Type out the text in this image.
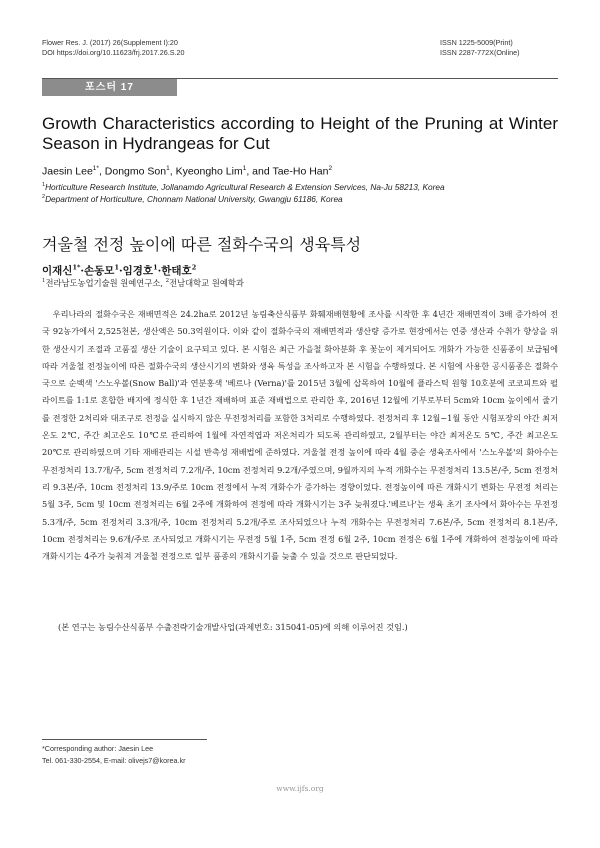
Flower Res. J. (2017) 26(Supplement I):20
DOI https://doi.org/10.11623/frj.2017.26.S.20
ISSN 1225-5009(Print)
ISSN 2287-772X(Online)
포스터 17
Growth Characteristics according to Height of the Pruning at Winter Season in Hydrangeas for Cut
Jaesin Lee$^{1*}$, Dongmo Son$^1$, Kyeongho Lim$^1$, and Tae-Ho Han$^2$
$^1$Horticulture Research Institute, Jollanamdo Agricultural Research & Extension Services, Na-Ju 58213, Korea
$^2$Department of Horticulture, Chonnam National University, Gwangju 61186, Korea
겨울철 전정 높이에 따른 절화수국의 생육특성
이재신$^{1*}$·손동모$^1$·임경호$^1$·한태호$^2$
$^1$전라남도농업기술원 원예연구소, $^2$전남대학교 원예학과

우리나라의 절화수국은 재배면적은 24.2ha로 2012년 농림축산식품부 화훼재배현황에 조사를 시작한 후 4년간 재배면적이 3배 증가하여 전국 92농가에서 2,525천본, 생산액은 50.3억원이다. 이와 같이 절화수국의 재배면적과 생산량 증가로 현장에서는 연중 생산과 수취가 향상을 위한 생산시기 조절과 고품질 생산 기술이 요구되고 있다. 본 시험은 최근 가을철 화아분화 후 꽃눈이 제거되어도 개화가 가능한 신품종이 보급됨에 따라 겨울철 전정높이에 따른 절화수국의 생산시기의 변화와 생육 특성을 조사하고자 본 시험을 수행하였다. 본 시험에 사용한 공시품종은 절화수국으로 순백색 '스노우볼(Snow Ball)'과 연분홍색 '베르나 (Verna)'를 2015년 3월에 삽목하여 10월에 플라스틱 원형 10호분에 코코피트와 펄라이트를 1:1로 혼합한 배지에 정식한 후 1년간 재배하며 표준 재배법으로 관리한 후, 2016년 12월에 기부로부터 5cm와 10cm 높이에서 줄기를 전정한 2처리와 대조구로 전정을 실시하지 않은 무전정처리를 포함한 3처리로 수행하였다. 전정처리 후 12월~1월 동안 시험포장의 야간 최저온도 2℃, 주간 최고온도 10℃로 관리하여 1월에 자연적엽과 저온처리가 되도록 관리하였고, 2월부터는 야간 최저온도 5℃, 주간 최고온도 20℃로 관리하였으며 기타 재배관리는 시설 반촉성 재배법에 준하였다. 겨울철 전정 높이에 따라 4월 중순 생육조사에서 '스노우볼'의 화아수는 무전정처리 13.7개/주, 5cm 전정처리 7.2개/주, 10cm 전정처리 9.2개/주였으며, 9월까지의 누적 개화수는 무전정처리 13.5본/주, 5cm 전정처리 9.3본/주, 10cm 전정처리 13.9/주로 10cm 전정에서 누적 개화수가 증가하는 경향이었다. 전정높이에 따른 개화시기 변화는 무전정 처리는 5월 3주, 5cm 및 10cm 전정처리는 6월 2주에 개화하여 전정에 따라 개화시기는 3주 늦춰졌다.'베르나'는 생육 초기 조사에서 화아수는 무전정 5.3개/주, 5cm 전정처리 3.3개/주, 10cm 전정처리 5.2개/주로 조사되었으나 누적 개화수는 무전정처리 7.6본/주, 5cm 전정처리 8.1본/주, 10cm 전정처리는 9.6개/주로 조사되었고 개화시기는 무전정 5월 1주, 5cm 전정 6월 2주, 10cm 전정은 6월 1주에 개화하여 전정높이에 따라 개화시기는 4주가 늦춰져 겨울철 전정으로 일부 품종의 개화시기를 늦출 수 있을 것으로 판단되었다.

(본 연구는 농림수산식품부 수출전략기술개발사업(과제번호: 315041-05)에 의해 이루어진 것임.)
*Corresponding author: Jaesin Lee
Tel. 061-330-2554, E-mail: olivejs7@korea.kr
www.ijfs.org
